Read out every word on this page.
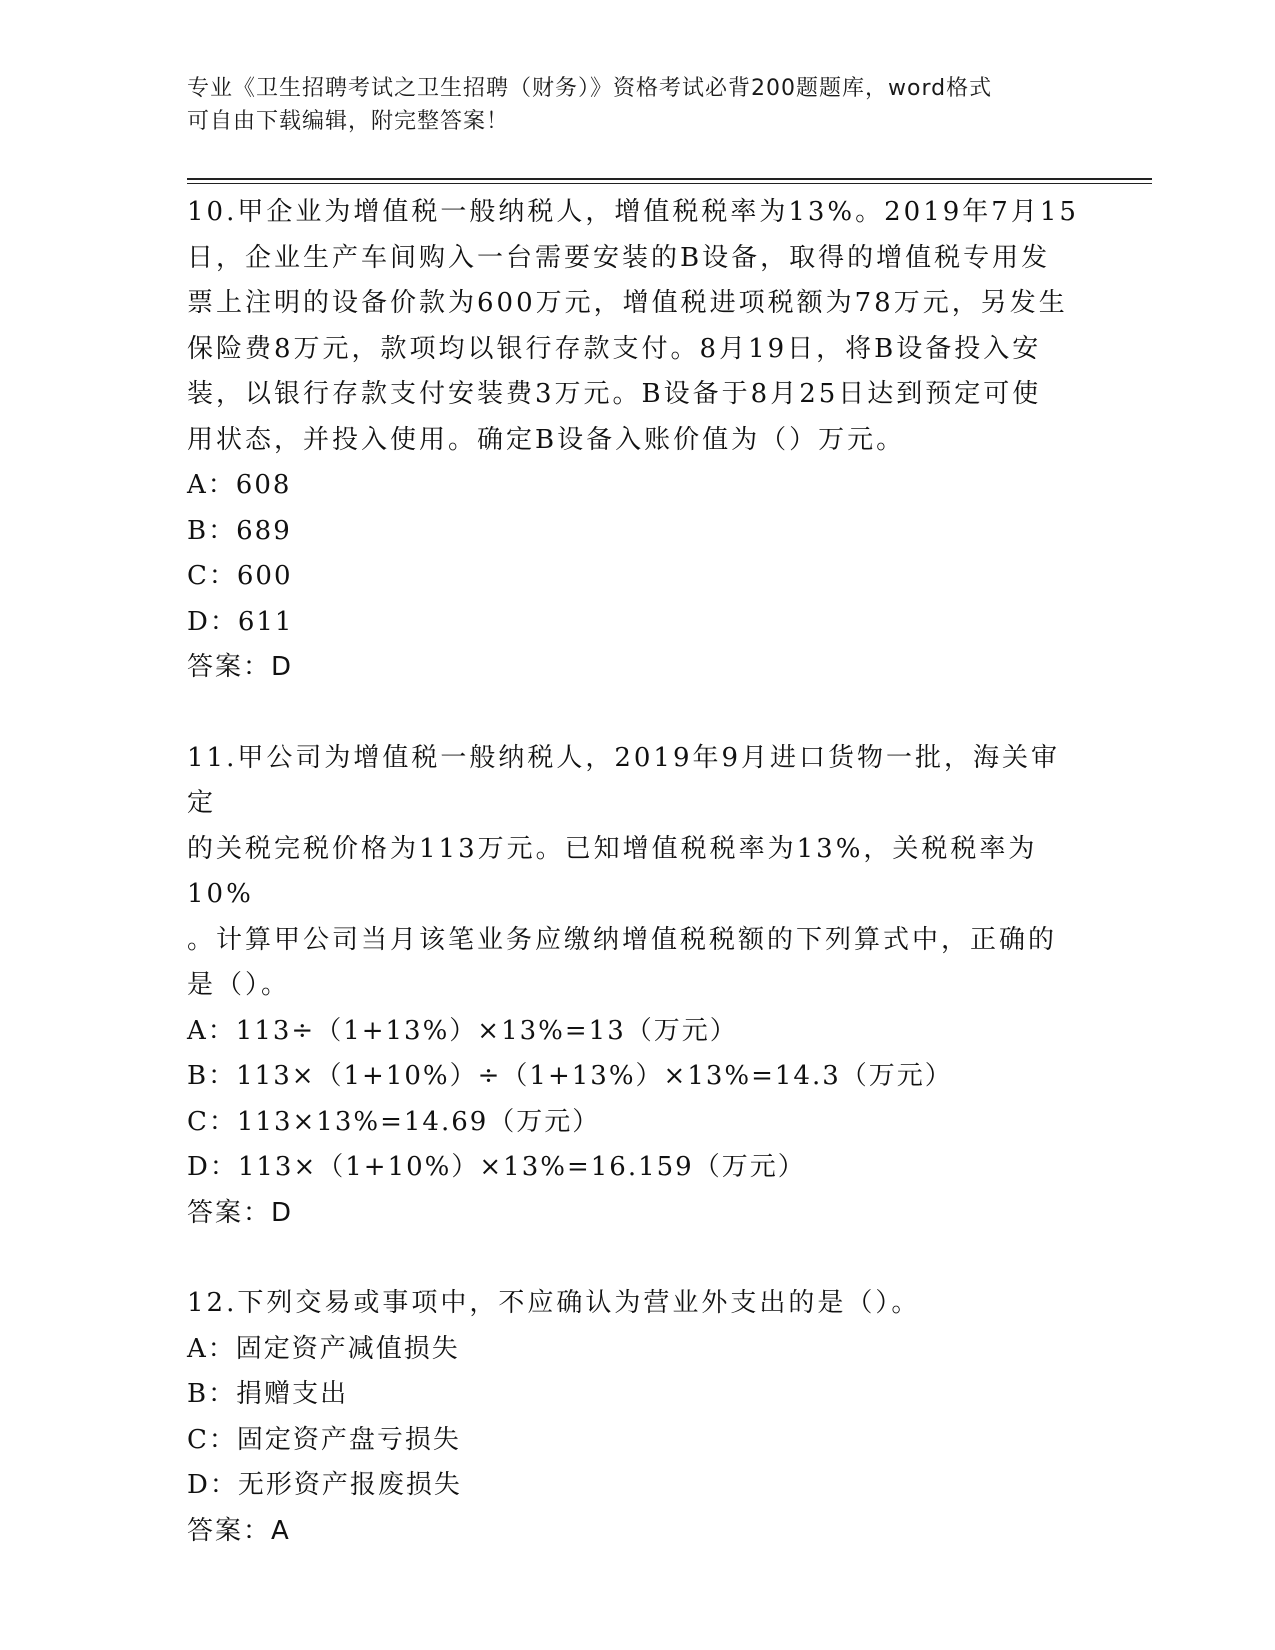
专业《卫生招聘考试之卫生招聘（财务）》资格考试必背200题题库，word格式
可自由下载编辑，附完整答案！

10.甲企业为增值税一般纳税人，增值税税率为13%。2019年7月15

日，企业生产车间购入一台需要安装的B设备，取得的增值税专用发

票上注明的设备价款为600万元，增值税进项税额为78万元，另发生

保险费8万元，款项均以银行存款支付。8月19日，将B设备投入安

装，以银行存款支付安装费3万元。B设备于8月25日达到预定可使

用状态，并投入使用。确定B设备入账价值为（）万元。

A：608

B：689

C：600

D：611

答案：D

11.甲公司为增值税一般纳税人，2019年9月进口货物一批，海关审定

的关税完税价格为113万元。已知增值税税率为13%，关税税率为10%

。计算甲公司当月该笔业务应缴纳增值税税额的下列算式中，正确的

是（）。

A：113÷（1+13%）×13%=13（万元）

B：113×（1+10%）÷（1+13%）×13%=14.3（万元）

C：113×13%=14.69（万元）

D：113×（1+10%）×13%=16.159（万元）

答案：D

12.下列交易或事项中，不应确认为营业外支出的是（）。

A：固定资产减值损失

B：捐赠支出

C：固定资产盘亏损失

D：无形资产报废损失

答案：A
